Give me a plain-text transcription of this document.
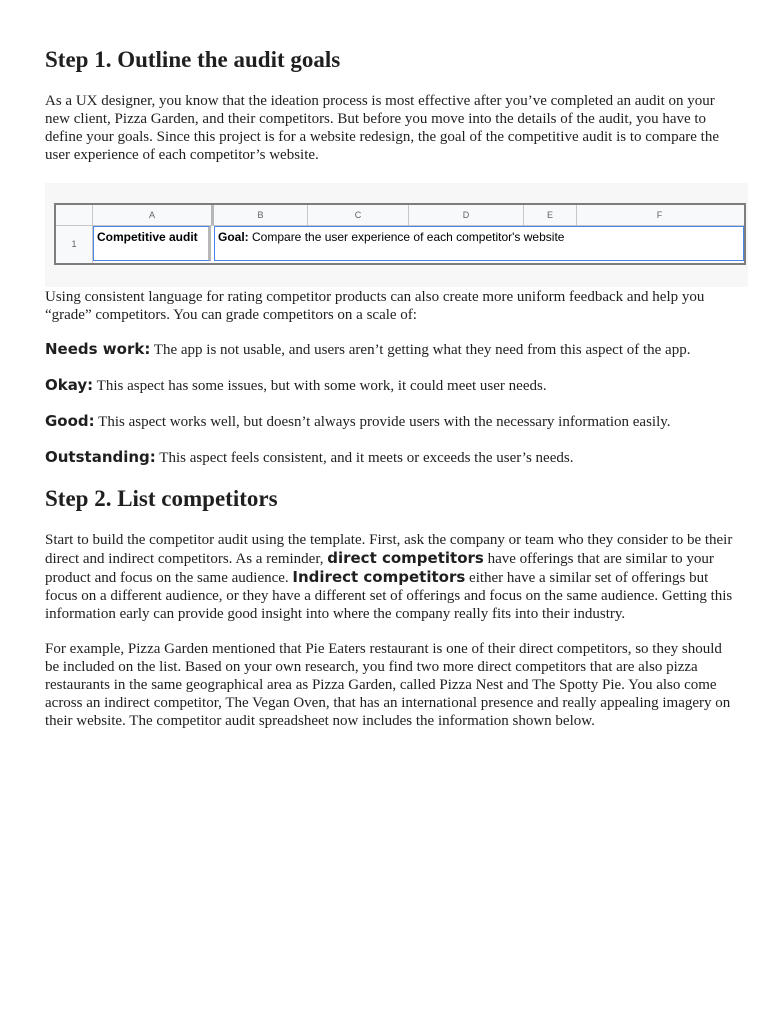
Step 1. Outline the audit goals

As a UX designer, you know that the ideation process is most effective after you’ve completed an audit on your new client, Pizza Garden, and their competitors. But before you move into the details of the audit, you have to define your goals. Since this project is for a website redesign, the goal of the competitive audit is to compare the user experience of each competitor’s website.

A	B	C	D	E	F
1	Competitive audit	Goal: Compare the user experience of each competitor's website

Using consistent language for rating competitor products can also create more uniform feedback and help you “grade” competitors. You can grade competitors on a scale of:

Needs work: The app is not usable, and users aren’t getting what they need from this aspect of the app.

Okay: This aspect has some issues, but with some work, it could meet user needs.

Good: This aspect works well, but doesn’t always provide users with the necessary information easily.

Outstanding: This aspect feels consistent, and it meets or exceeds the user’s needs.

Step 2. List competitors

Start to build the competitor audit using the template. First, ask the company or team who they consider to be their direct and indirect competitors. As a reminder, direct competitors have offerings that are similar to your product and focus on the same audience. Indirect competitors either have a similar set of offerings but focus on a different audience, or they have a different set of offerings and focus on the same audience. Getting this information early can provide good insight into where the company really fits into their industry.

For example, Pizza Garden mentioned that Pie Eaters restaurant is one of their direct competitors, so they should be included on the list. Based on your own research, you find two more direct competitors that are also pizza restaurants in the same geographical area as Pizza Garden, called Pizza Nest and The Spotty Pie. You also come across an indirect competitor, The Vegan Oven, that has an international presence and really appealing imagery on their website. The competitor audit spreadsheet now includes the information shown below.
